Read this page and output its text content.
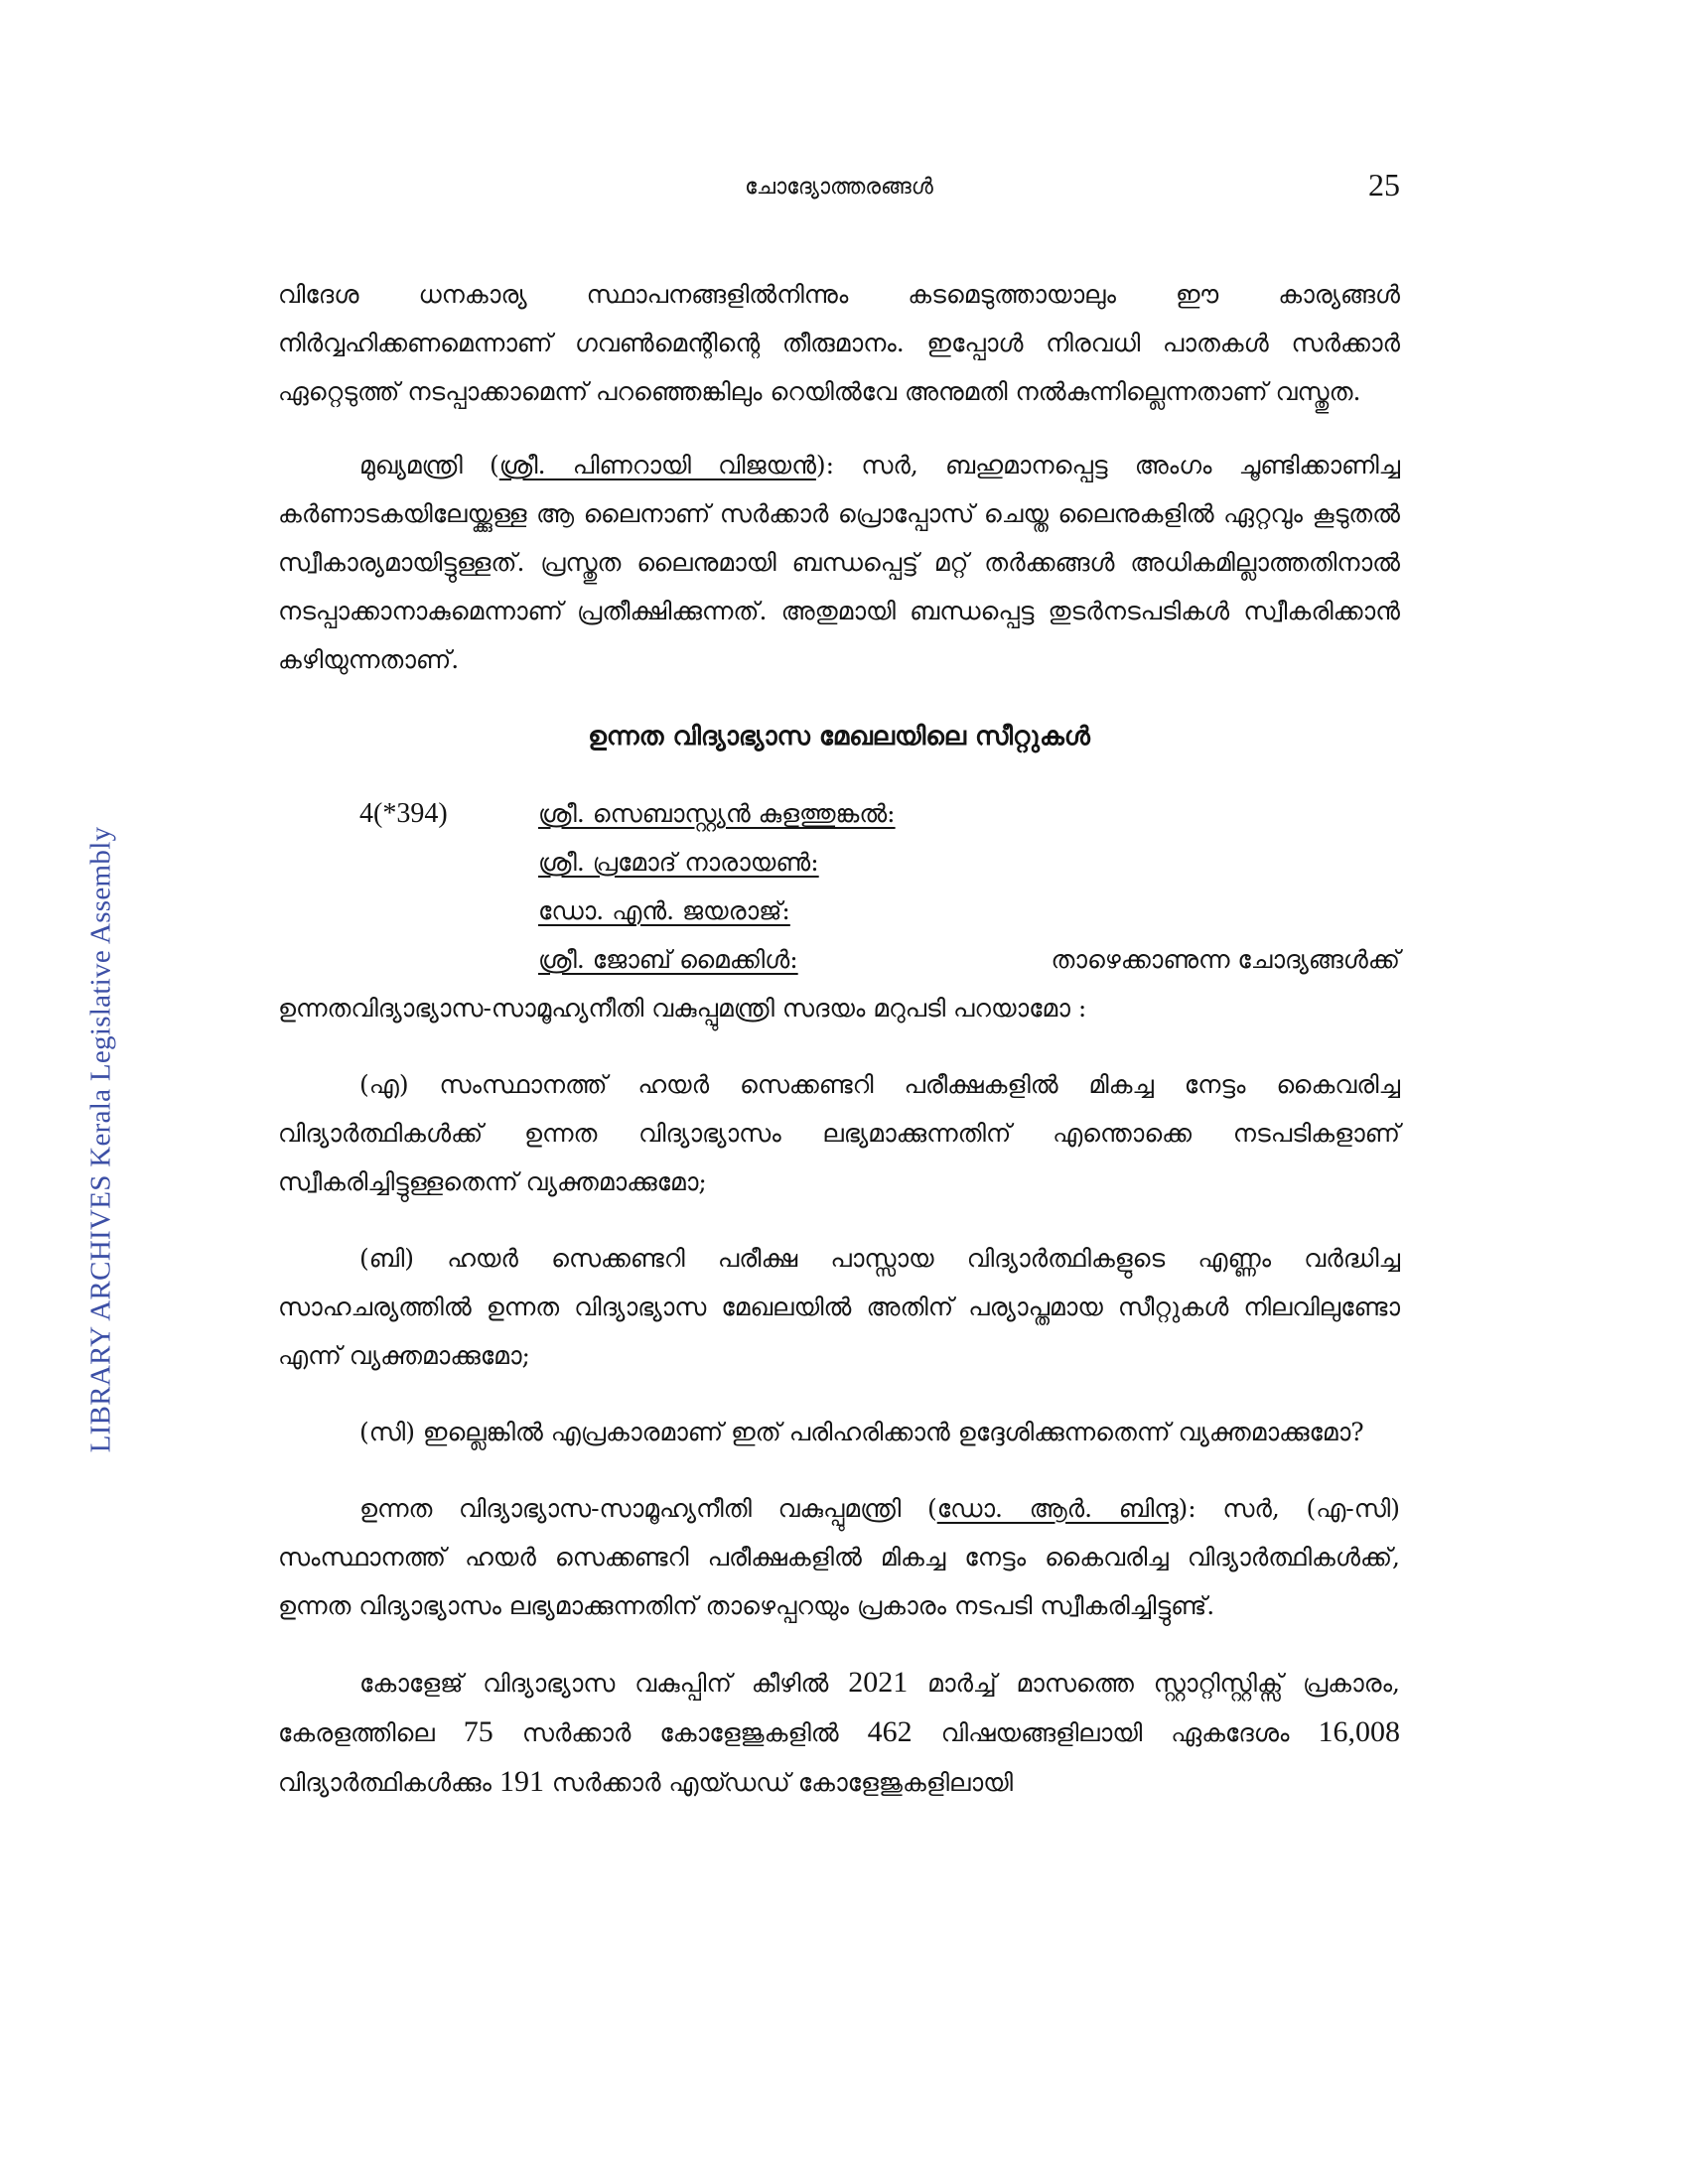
ചോദ്യോത്തരങ്ങൾ	25
LIBRARY ARCHIVES Kerala Legislative Assembly

വിദേശ ധനകാര്യ സ്ഥാപനങ്ങളിൽനിന്നും കടമെടുത്തായാലും ഈ കാര്യങ്ങൾ നിർവ്വഹിക്കണമെന്നാണ് ഗവൺമെന്റിന്റെ തീരുമാനം. ഇപ്പോൾ നിരവധി പാതകൾ സർക്കാർ ഏറ്റെടുത്ത് നടപ്പാക്കാമെന്ന് പറഞ്ഞെങ്കിലും റെയിൽവേ അനുമതി നൽകുന്നില്ലെന്നതാണ് വസ്തുത.

മുഖ്യമന്ത്രി (ശ്രീ. പിണറായി വിജയൻ): സർ, ബഹുമാനപ്പെട്ട അംഗം ചൂണ്ടിക്കാണിച്ച കർണാടകയിലേയ്ക്കുള്ള ആ ലൈനാണ് സർക്കാർ പ്രൊപ്പോസ് ചെയ്ത ലൈനുകളിൽ ഏറ്റവും കൂടുതൽ സ്വീകാര്യമായിട്ടുള്ളത്. പ്രസ്തുത ലൈനുമായി ബന്ധപ്പെട്ട് മറ്റ് തർക്കങ്ങൾ അധികമില്ലാത്തതിനാൽ നടപ്പാക്കാനാകുമെന്നാണ് പ്രതീക്ഷിക്കുന്നത്. അതുമായി ബന്ധപ്പെട്ട തുടർനടപടികൾ സ്വീകരിക്കാൻ കഴിയുന്നതാണ്.

ഉന്നത വിദ്യാഭ്യാസ മേഖലയിലെ സീറ്റുകൾ
4(*394)	ശ്രീ. സെബാസ്റ്റ്യൻ കുളത്തുങ്കൽ:
ശ്രീ. പ്രമോദ് നാരായൺ:
ഡോ. എൻ. ജയരാജ്:
ശ്രീ. ജോബ് മൈക്കിൾ:	താഴെക്കാണുന്ന ചോദ്യങ്ങൾക്ക്

ഉന്നതവിദ്യാഭ്യാസ-സാമൂഹ്യനീതി വകുപ്പുമന്ത്രി സദയം മറുപടി പറയാമോ :

(എ) സംസ്ഥാനത്ത് ഹയർ സെക്കണ്ടറി പരീക്ഷകളിൽ മികച്ച നേട്ടം കൈവരിച്ച വിദ്യാർത്ഥികൾക്ക് ഉന്നത വിദ്യാഭ്യാസം ലഭ്യമാക്കുന്നതിന് എന്തൊക്കെ നടപടികളാണ് സ്വീകരിച്ചിട്ടുള്ളതെന്ന് വ്യക്തമാക്കുമോ;

(ബി) ഹയർ സെക്കണ്ടറി പരീക്ഷ പാസ്സായ വിദ്യാർത്ഥികളുടെ എണ്ണം വർദ്ധിച്ച സാഹചര്യത്തിൽ ഉന്നത വിദ്യാഭ്യാസ മേഖലയിൽ അതിന് പര്യാപ്തമായ സീറ്റുകൾ നിലവിലുണ്ടോ എന്ന് വ്യക്തമാക്കുമോ;

(സി) ഇല്ലെങ്കിൽ എപ്രകാരമാണ് ഇത് പരിഹരിക്കാൻ ഉദ്ദേശിക്കുന്നതെന്ന് വ്യക്തമാക്കുമോ?

ഉന്നത വിദ്യാഭ്യാസ-സാമൂഹ്യനീതി വകുപ്പുമന്ത്രി (ഡോ. ആർ. ബിന്ദു): സർ, (എ-സി) സംസ്ഥാനത്ത് ഹയർ സെക്കണ്ടറി പരീക്ഷകളിൽ മികച്ച നേട്ടം കൈവരിച്ച വിദ്യാർത്ഥികൾക്ക്, ഉന്നത വിദ്യാഭ്യാസം ലഭ്യമാക്കുന്നതിന് താഴെപ്പറയും പ്രകാരം നടപടി സ്വീകരിച്ചിട്ടുണ്ട്.

കോളേജ് വിദ്യാഭ്യാസ വകുപ്പിന് കീഴിൽ 2021 മാർച്ച് മാസത്തെ സ്റ്റാറ്റിസ്റ്റിക്സ് പ്രകാരം, കേരളത്തിലെ 75 സർക്കാർ കോളേജുകളിൽ 462 വിഷയങ്ങളിലായി ഏകദേശം 16,008 വിദ്യാർത്ഥികൾക്കും 191 സർക്കാർ എയ്ഡഡ് കോളേജുകളിലായി
